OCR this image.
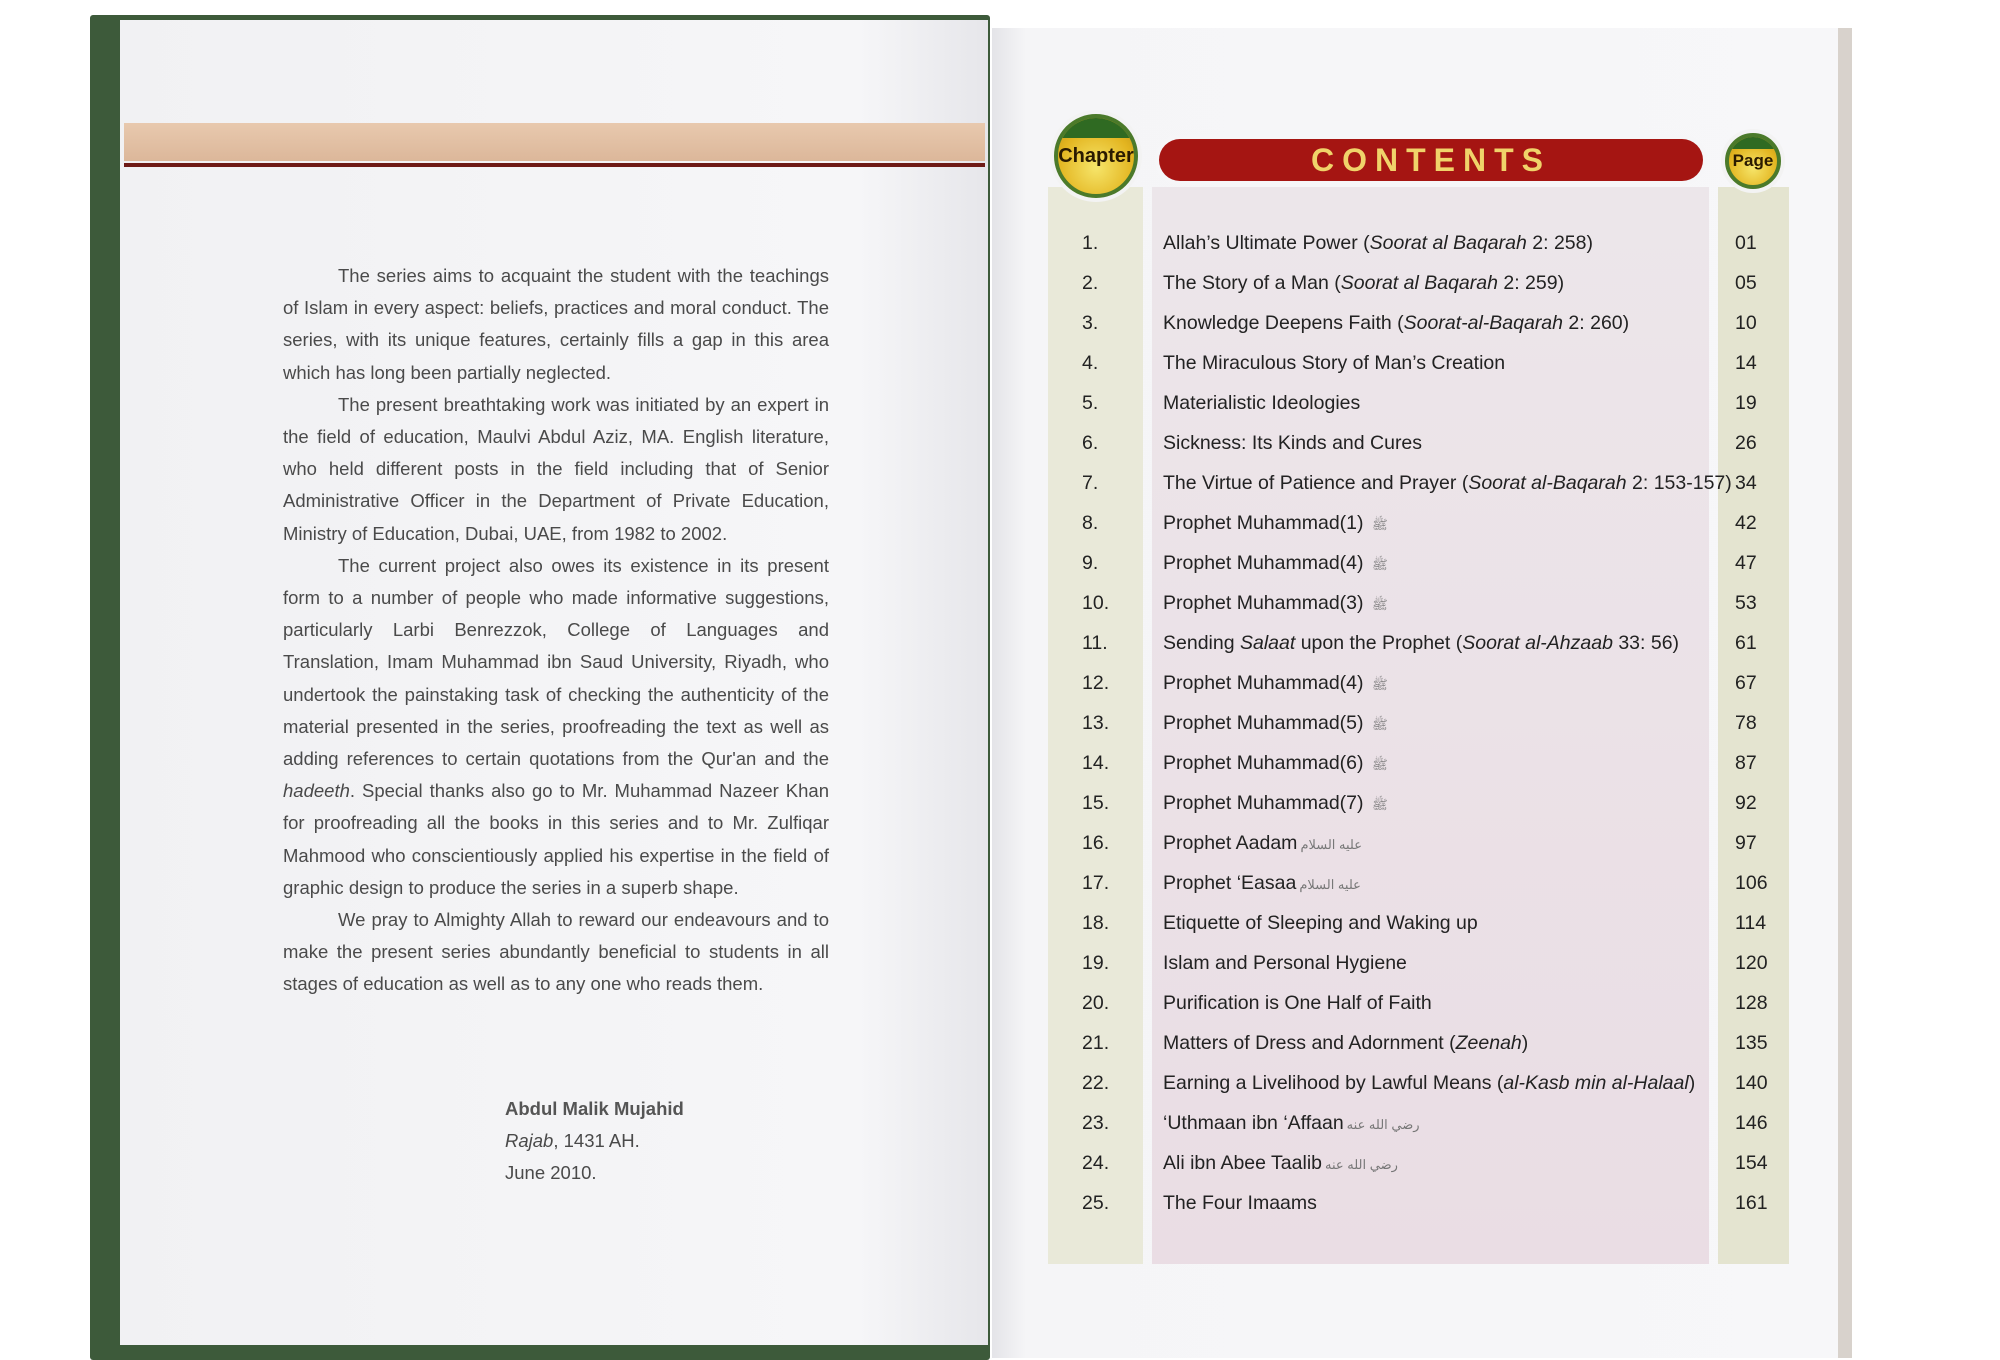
The series aims to acquaint the student with the teachings of Islam in every aspect: beliefs, practices and moral conduct. The series, with its unique features, certainly fills a gap in this area which has long been partially neglected.

The present breathtaking work was initiated by an expert in the field of education, Maulvi Abdul Aziz, MA. English literature, who held different posts in the field including that of Senior Administrative Officer in the Department of Private Education, Ministry of Education, Dubai, UAE, from 1982 to 2002.

The current project also owes its existence in its present form to a number of people who made informative suggestions, particularly Larbi Benrezzok, College of Languages and Translation, Imam Muhammad ibn Saud University, Riyadh, who undertook the painstaking task of checking the authenticity of the material presented in the series, proofreading the text as well as adding references to certain quotations from the Qur'an and the hadeeth. Special thanks also go to Mr. Muhammad Nazeer Khan for proofreading all the books in this series and to Mr. Zulfiqar Mahmood who conscientiously applied his expertise in the field of graphic design to produce the series in a superb shape.

We pray to Almighty Allah to reward our endeavours and to make the present series abundantly beneficial to students in all stages of education as well as to any one who reads them.

Abdul Malik Mujahid
Rajab, 1431 AH.
June 2010.
Chapter	CONTENTS	Page
1.	Allah’s Ultimate Power (Soorat al Baqarah 2: 258)	01
2.	The Story of a Man (Soorat al Baqarah 2: 259)	05
3.	Knowledge Deepens Faith (Soorat-al-Baqarah 2: 260)	10
4.	The Miraculous Story of Man’s Creation	14
5.	Materialistic Ideologies	19
6.	Sickness: Its Kinds and Cures	26
7.	The Virtue of Patience and Prayer (Soorat al-Baqarah 2: 153-157) 34
8.	Prophet Muhammad ﷺ (1)	42
9.	Prophet Muhammad ﷺ (4)	47
10.	Prophet Muhammad ﷺ (3)	53
11.	Sending Salaat upon the Prophet (Soorat al-Ahzaab 33: 56)	61
12.	Prophet Muhammad ﷺ (4)	67
13.	Prophet Muhammad ﷺ (5)	78
14.	Prophet Muhammad ﷺ (6)	87
15.	Prophet Muhammad ﷺ (7)	92
16.	Prophet Aadam عليه السلام	97
17.	Prophet ‘Easaa عليه السلام	106
18.	Etiquette of Sleeping and Waking up	114
19.	Islam and Personal Hygiene	120
20.	Purification is One Half of Faith	128
21.	Matters of Dress and Adornment (Zeenah)	135
22.	Earning a Livelihood by Lawful Means (al-Kasb min al-Halaal) 140
23.	‘Uthmaan ibn ‘Affaan رضي الله عنه	146
24.	Ali ibn Abee Taalib رضي الله عنه	154
25.	The Four Imaams	161
